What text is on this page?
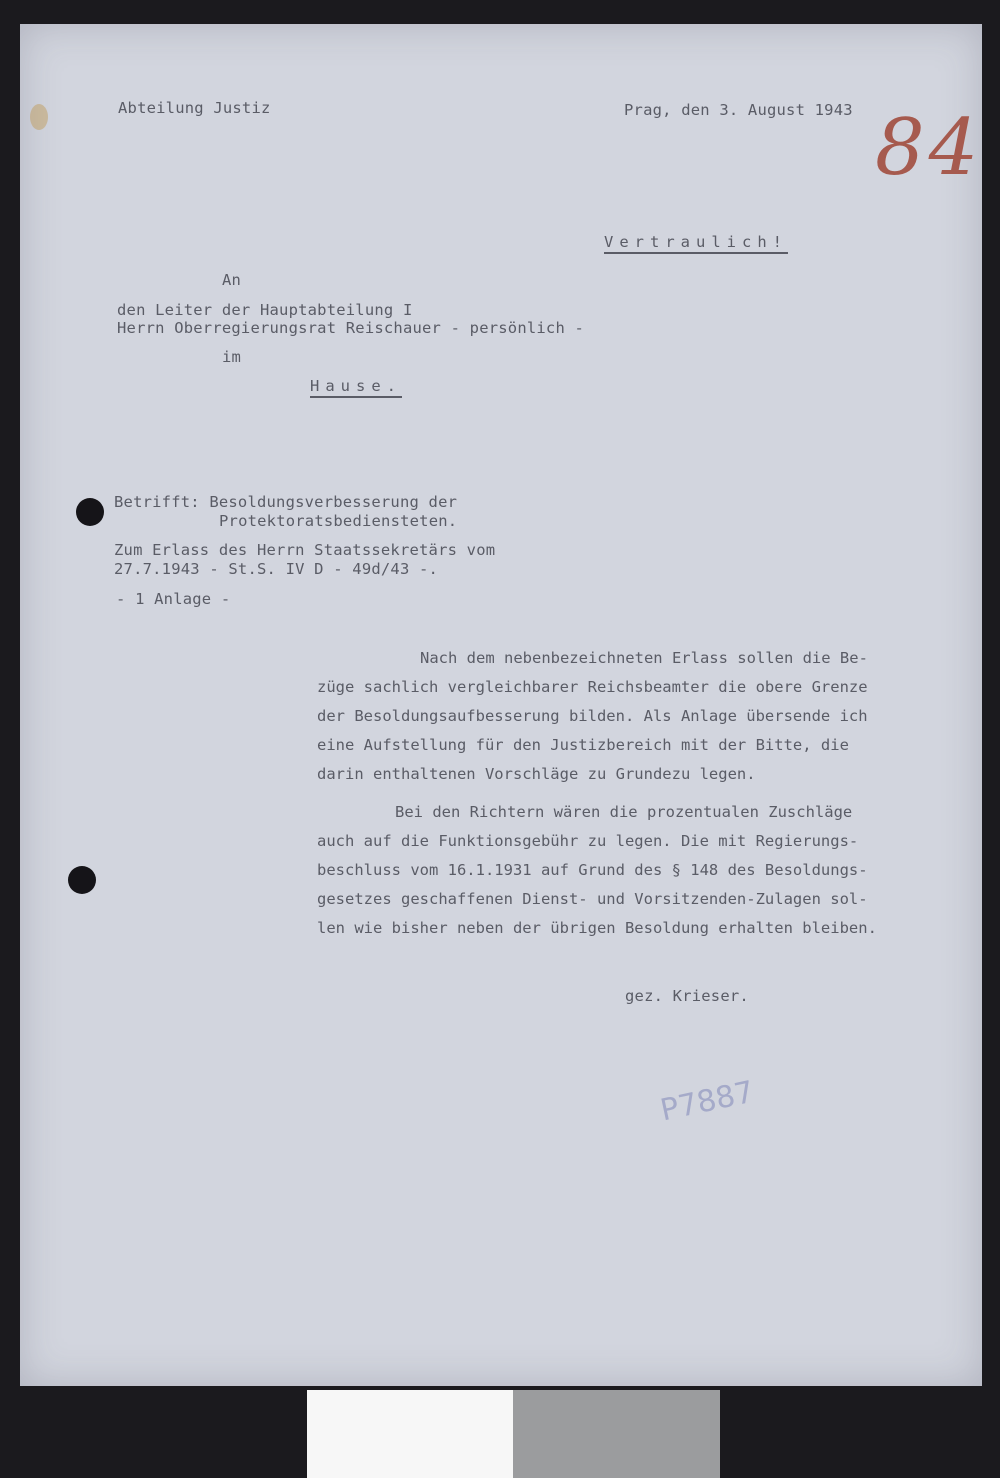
Abteilung Justiz	Prag, den 3. August 1943 84
Vertraulich!
An
den Leiter der Hauptabteilung I
Herrn Oberregierungsrat Reischauer - persönlich -
im
Hause.
Betrifft: Besoldungsverbesserung der
Protektoratsbediensteten.
Zum Erlass des Herrn Staatssekretärs vom
27.7.1943 - St.S. IV D - 49d/43 -.
- 1 Anlage -
Nach dem nebenbezeichneten Erlass sollen die Be-
züge sachlich vergleichbarer Reichsbeamter die obere Grenze
der Besoldungsaufbesserung bilden. Als Anlage übersende ich
eine Aufstellung für den Justizbereich mit der Bitte, die
darin enthaltenen Vorschläge zu Grundezu legen.
Bei den Richtern wären die prozentualen Zuschläge
auch auf die Funktionsgebühr zu legen. Die mit Regierungs-
beschluss vom 16.1.1931 auf Grund des § 148 des Besoldungs-
gesetzes geschaffenen Dienst- und Vorsitzenden-Zulagen sol-
len wie bisher neben der übrigen Besoldung erhalten bleiben.
gez. Krieser.
P7887
